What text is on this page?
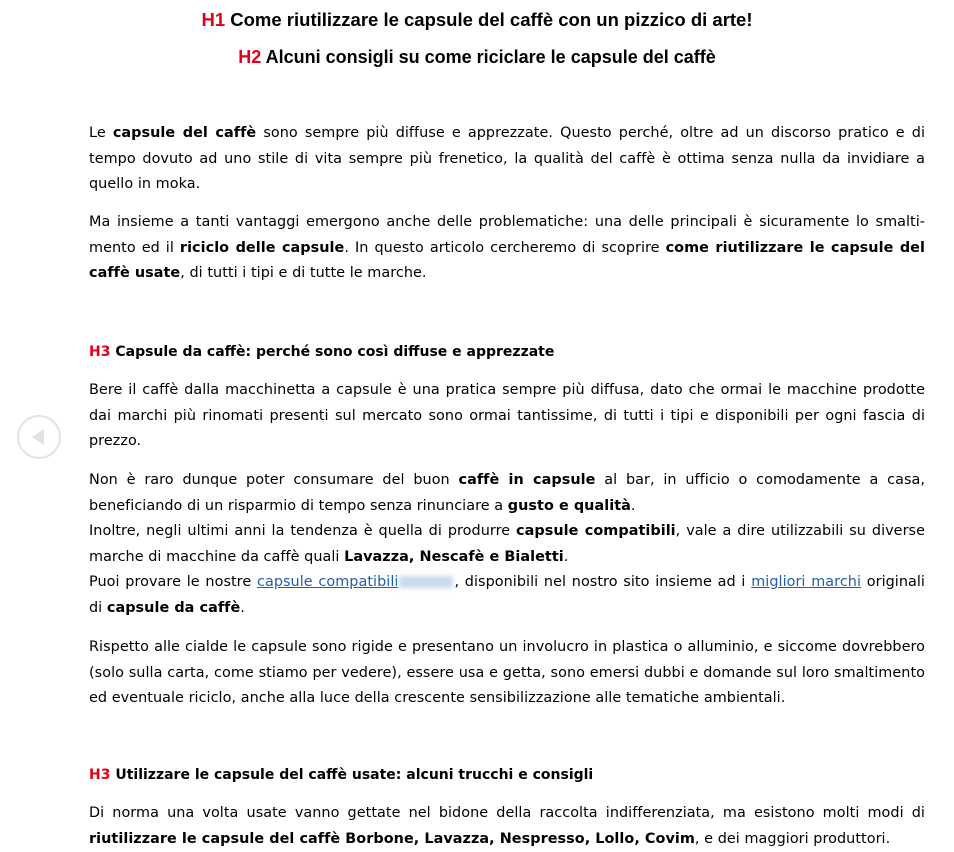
H1 Come riutilizzare le capsule del caffè con un pizzico di arte!
H2 Alcuni consigli su come riciclare le capsule del caffè

Le capsule del caffè sono sempre più diffuse e apprezzate. Questo perché, oltre ad un discorso pratico e di tempo dovuto ad uno stile di vita sempre più frenetico, la qualità del caffè è ottima senza nulla da invidiare a quello in moka.

Ma insieme a tanti vantaggi emergono anche delle problematiche: una delle principali è sicuramente lo smaltimento ed il riciclo delle capsule. In questo articolo cercheremo di scoprire come riutilizzare le capsule del caffè usate, di tutti i tipi e di tutte le marche.

H3 Capsule da caffè: perché sono così diffuse e apprezzate

Bere il caffè dalla macchinetta a capsule è una pratica sempre più diffusa, dato che ormai le macchine prodotte dai marchi più rinomati presenti sul mercato sono ormai tantissime, di tutti i tipi e disponibili per ogni fascia di prezzo.

Non è raro dunque poter consumare del buon caffè in capsule al bar, in ufficio o comodamente a casa, beneficiando di un risparmio di tempo senza rinunciare a gusto e qualità.
Inoltre, negli ultimi anni la tendenza è quella di produrre capsule compatibili, vale a dire utilizzabili su diverse marche di macchine da caffè quali Lavazza, Nescafè e Bialetti.
Puoi provare le nostre capsule compatibili	, disponibili nel nostro sito insieme ad i migliori marchi originali di capsule da caffè.

Rispetto alle cialde le capsule sono rigide e presentano un involucro in plastica o alluminio, e siccome dovrebbero (solo sulla carta, come stiamo per vedere), essere usa e getta, sono emersi dubbi e domande sul loro smaltimento ed eventuale riciclo, anche alla luce della crescente sensibilizzazione alle tematiche ambientali.

H3 Utilizzare le capsule del caffè usate: alcuni trucchi e consigli

Di norma una volta usate vanno gettate nel bidone della raccolta indifferenziata, ma esistono molti modi di riutilizzare le capsule del caffè Borbone, Lavazza, Nespresso, Lollo, Covim, e dei maggiori produttori.
